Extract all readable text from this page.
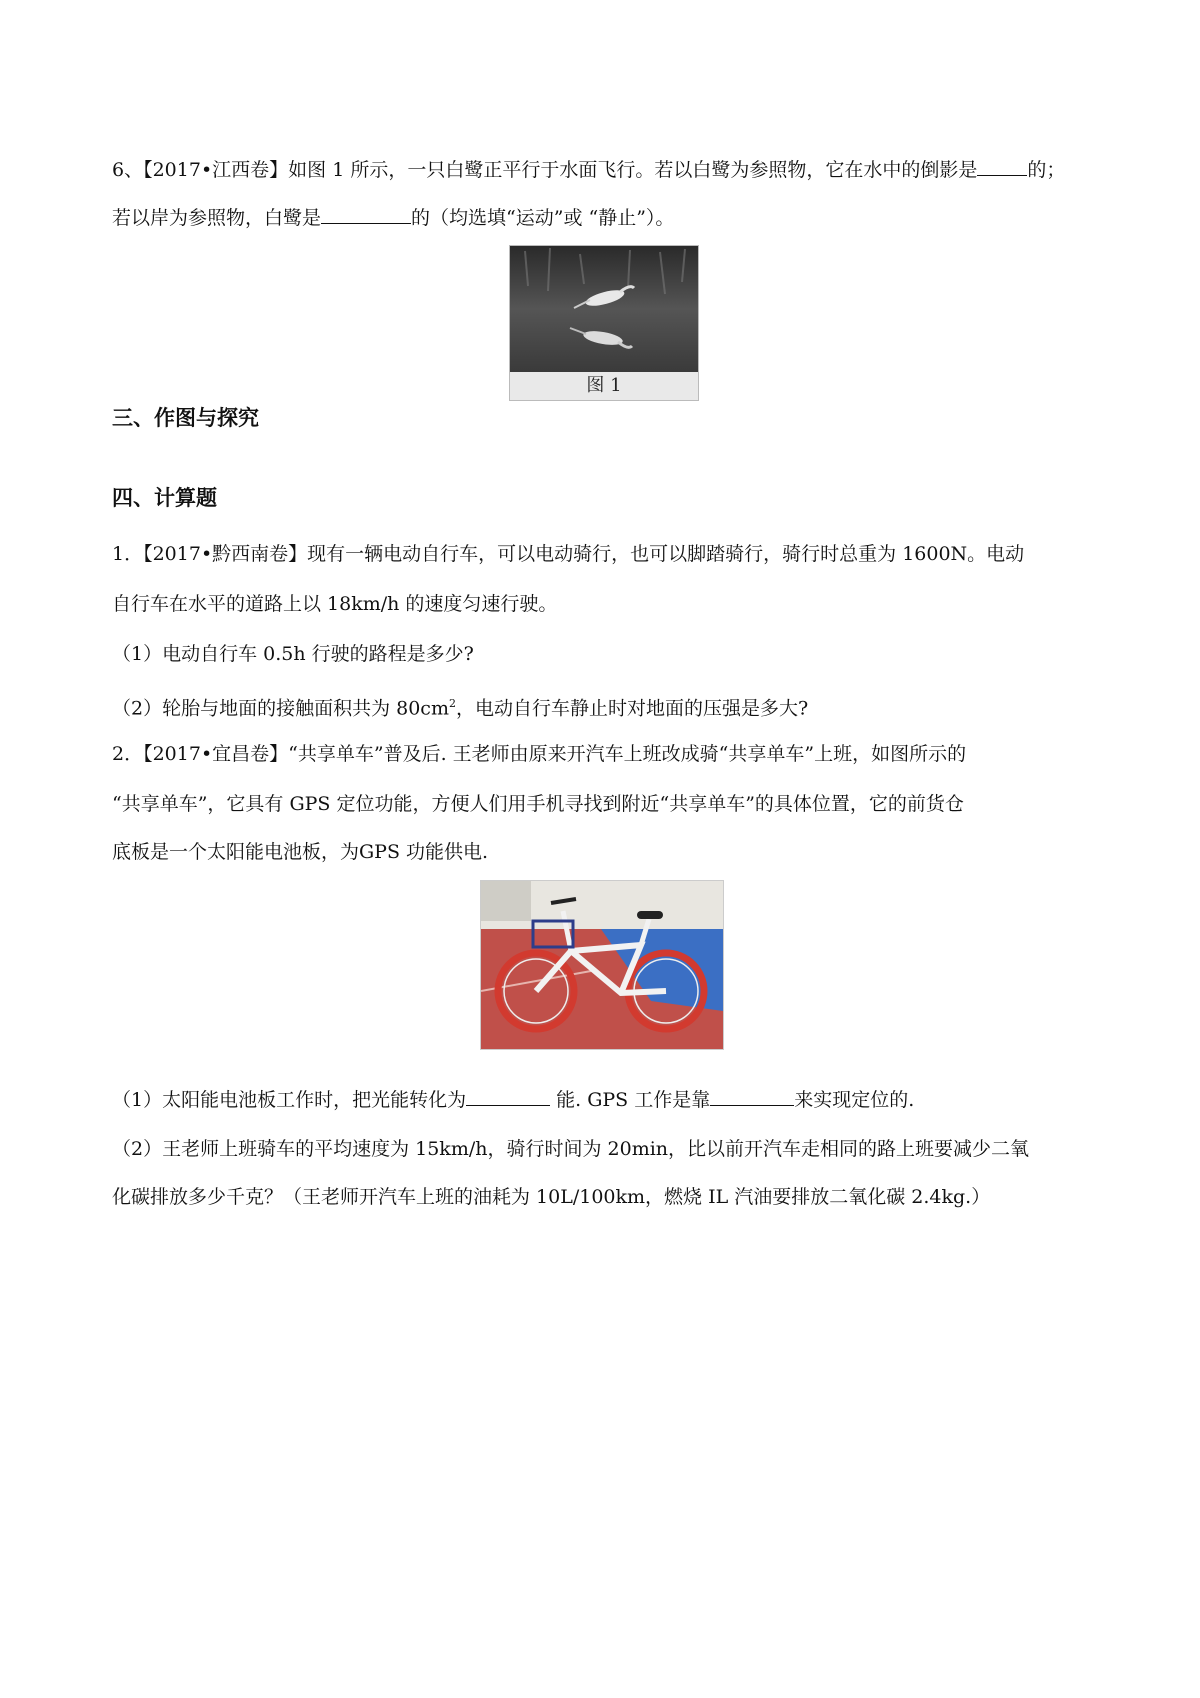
6、【2017•江西卷】如图 1 所示，一只白鹭正平行于水面飞行。若以白鹭为参照物，它在水中的倒影是	的；
若以岸为参照物，白鹭是	的（均选填“运动”或 “静止”）。
图 1
三、作图与探究
四、计算题
1．【2017•黔西南卷】现有一辆电动自行车，可以电动骑行，也可以脚踏骑行，骑行时总重为 1600N。电动
自行车在水平的道路上以 18km/h 的速度匀速行驶。
（1）电动自行车 0.5h 行驶的路程是多少?
（2）轮胎与地面的接触面积共为 $80cm^2$，电动自行车静止时对地面的压强是多大?
2．【2017•宜昌卷】“共享单车”普及后. 王老师由原来开汽车上班改成骑“共享单车”上班，如图所示的
“共享单车”，它具有 GPS 定位功能，方便人们用手机寻找到附近“共享单车”的具体位置，它的前货仓
底板是一个太阳能电池板，为GPS 功能供电.
（1）太阳能电池板工作时，把光能转化为	能. GPS 工作是靠	来实现定位的.
（2）王老师上班骑车的平均速度为 15km/h，骑行时间为 20min，比以前开汽车走相同的路上班要减少二氧
化碳排放多少千克？（王老师开汽车上班的油耗为 10L/100km，燃烧 IL 汽油要排放二氧化碳 2.4kg.）
